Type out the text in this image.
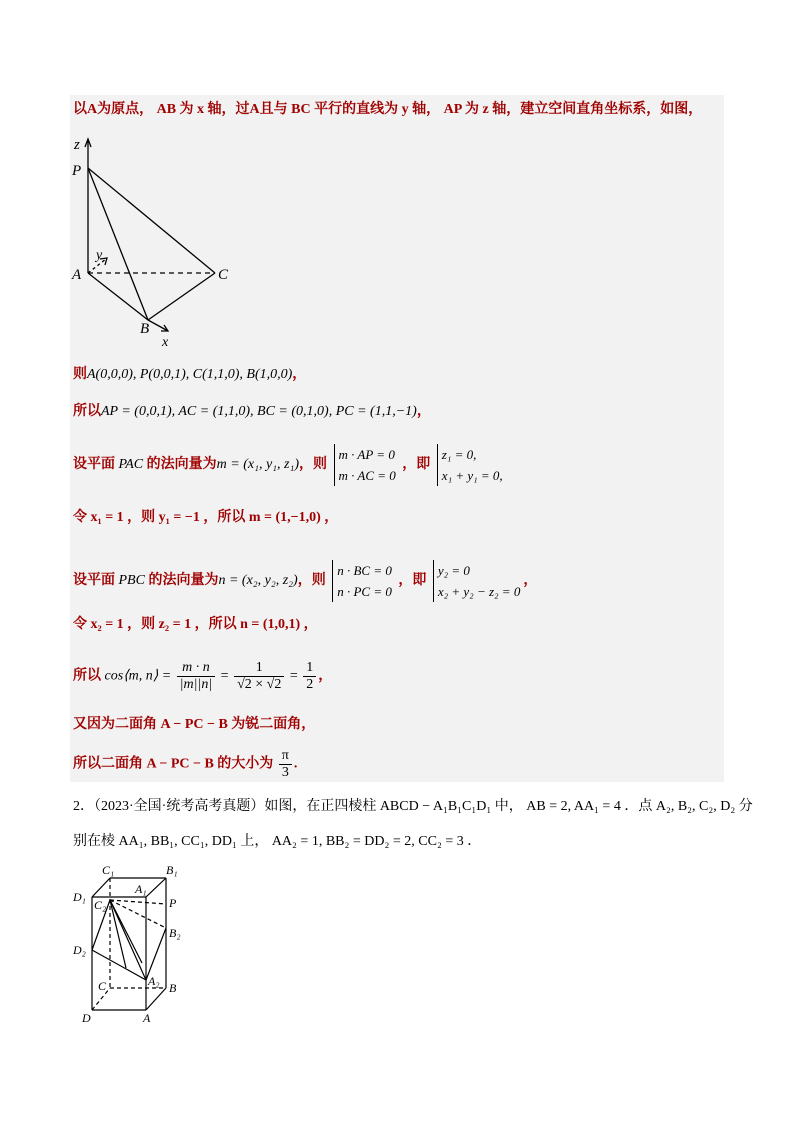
以A为原点， AB 为 x 轴，过A且与 BC 平行的直线为 y 轴， AP 为 z 轴，建立空间直角坐标系，如图，
z
P
y
A	C
B
x
则A(0,0,0), P(0,0,1), C(1,1,0), B(1,0,0)，
所以AP = (0,0,1), AC = (1,1,0), BC = (0,1,0), PC = (1,1,−1)，
设平面 PAC 的法向量为m = (x₁, y₁, z₁)，则 m · AP = 0
m · AC = 0 ，即 z₁ = 0,
x₁ + y₁ = 0,
令 x₁ = 1 ，则 y₁ = −1 ，所以 m = (1,−1,0) ，
设平面 PBC 的法向量为n = (x₂, y₂, z₂)，则 n · BC = 0
n · PC = 0 ，即 y₂ = 0
x₂ + y₂ − z₂ = 0，
令 x₂ = 1 ，则 z₂ = 1 ，所以 n = (1,0,1) ，
所以 cos⟨m, n⟩ = $\frac{m \cdot n}{|m||n|} = \frac{1}{√2 \times √2} = \frac{1}{2}$ ，
又因为二面角 A − PC − B 为锐二面角，
所以二面角 A − PC − B 的大小为 $\frac{\pi}{3}$ .
2．（2023·全国·统考高考真题）如图，在正四棱柱 ABCD − A₁B₁C₁D₁ 中， AB = 2, AA₁ = 4 ．点 A₂, B₂, C₂, D₂ 分
别在棱 AA₁, BB₁, CC₁, DD₁ 上， AA₂ = 1, BB₂ = DD₂ = 2, CC₂ = 3 ．
C₁	B₁
A₁
D₁
C₂	P
B₂
D₂
A₂
C	B
D	A
